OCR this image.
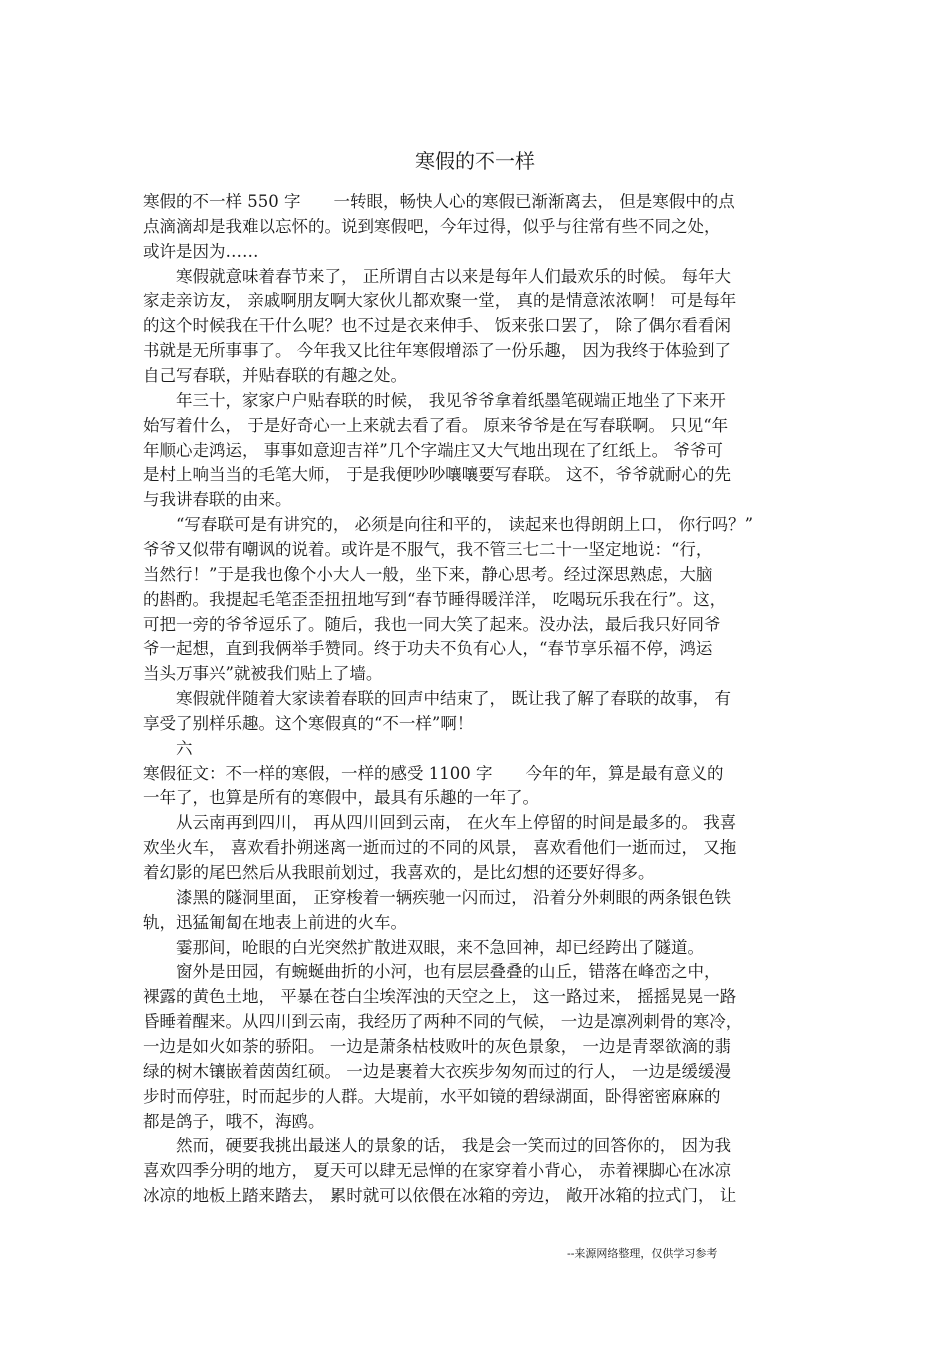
寒假的不一样
寒假的不一样 550 字　　一转眼，畅快人心的寒假已渐渐离去， 但是寒假中的点
点滴滴却是我难以忘怀的。说到寒假吧，今年过得，似乎与往常有些不同之处，
或许是因为……
　　寒假就意味着春节来了， 正所谓自古以来是每年人们最欢乐的时候。 每年大
家走亲访友， 亲戚啊朋友啊大家伙儿都欢聚一堂， 真的是情意浓浓啊！ 可是每年
的这个时候我在干什么呢？也不过是衣来伸手、 饭来张口罢了， 除了偶尔看看闲
书就是无所事事了。 今年我又比往年寒假增添了一份乐趣， 因为我终于体验到了
自己写春联，并贴春联的有趣之处。
　　年三十，家家户户贴春联的时候， 我见爷爷拿着纸墨笔砚端正地坐了下来开
始写着什么， 于是好奇心一上来就去看了看。 原来爷爷是在写春联啊。 只见“年
年顺心走鸿运， 事事如意迎吉祥”几个字端庄又大气地出现在了红纸上。 爷爷可
是村上响当当的毛笔大师， 于是我便吵吵嚷嚷要写春联。 这不，爷爷就耐心的先
与我讲春联的由来。
　　“写春联可是有讲究的， 必须是向往和平的， 读起来也得朗朗上口， 你行吗？”
爷爷又似带有嘲讽的说着。或许是不服气，我不管三七二十一坚定地说：“行，
当然行！”于是我也像个小大人一般，坐下来，静心思考。经过深思熟虑，大脑
的斟酌。我提起毛笔歪歪扭扭地写到“春节睡得暖洋洋， 吃喝玩乐我在行”。这，
可把一旁的爷爷逗乐了。随后，我也一同大笑了起来。没办法，最后我只好同爷
爷一起想，直到我俩举手赞同。终于功夫不负有心人，“春节享乐福不停，鸿运
当头万事兴”就被我们贴上了墙。
　　寒假就伴随着大家读着春联的回声中结束了， 既让我了解了春联的故事， 有
享受了别样乐趣。这个寒假真的“不一样”啊！
　　六
寒假征文：不一样的寒假，一样的感受 1100 字　　今年的年，算是最有意义的
一年了，也算是所有的寒假中，最具有乐趣的一年了。
　　从云南再到四川， 再从四川回到云南， 在火车上停留的时间是最多的。 我喜
欢坐火车， 喜欢看扑朔迷离一逝而过的不同的风景， 喜欢看他们一逝而过， 又拖
着幻影的尾巴然后从我眼前划过，我喜欢的，是比幻想的还要好得多。
　　漆黑的隧洞里面， 正穿梭着一辆疾驰一闪而过， 沿着分外刺眼的两条银色铁
轨，迅猛匍匐在地表上前进的火车。
　　霎那间，呛眼的白光突然扩散进双眼，来不急回神，却已经跨出了隧道。
　　窗外是田园，有蜿蜒曲折的小河，也有层层叠叠的山丘，错落在峰峦之中，
裸露的黄色土地， 平暴在苍白尘埃浑浊的天空之上， 这一路过来， 摇摇晃晃一路
昏睡着醒来。从四川到云南，我经历了两种不同的气候， 一边是凛冽刺骨的寒冷，
一边是如火如荼的骄阳。 一边是萧条枯枝败叶的灰色景象， 一边是青翠欲滴的翡
绿的树木镶嵌着茵茵红硕。 一边是裹着大衣疾步匆匆而过的行人， 一边是缓缓漫
步时而停驻，时而起步的人群。大堤前，水平如镜的碧绿湖面，卧得密密麻麻的
都是鸽子，哦不，海鸥。
　　然而，硬要我挑出最迷人的景象的话， 我是会一笑而过的回答你的， 因为我
喜欢四季分明的地方， 夏天可以肆无忌惮的在家穿着小背心， 赤着裸脚心在冰凉
冰凉的地板上踏来踏去， 累时就可以依偎在冰箱的旁边， 敞开冰箱的拉式门， 让
--来源网络整理，仅供学习参考
